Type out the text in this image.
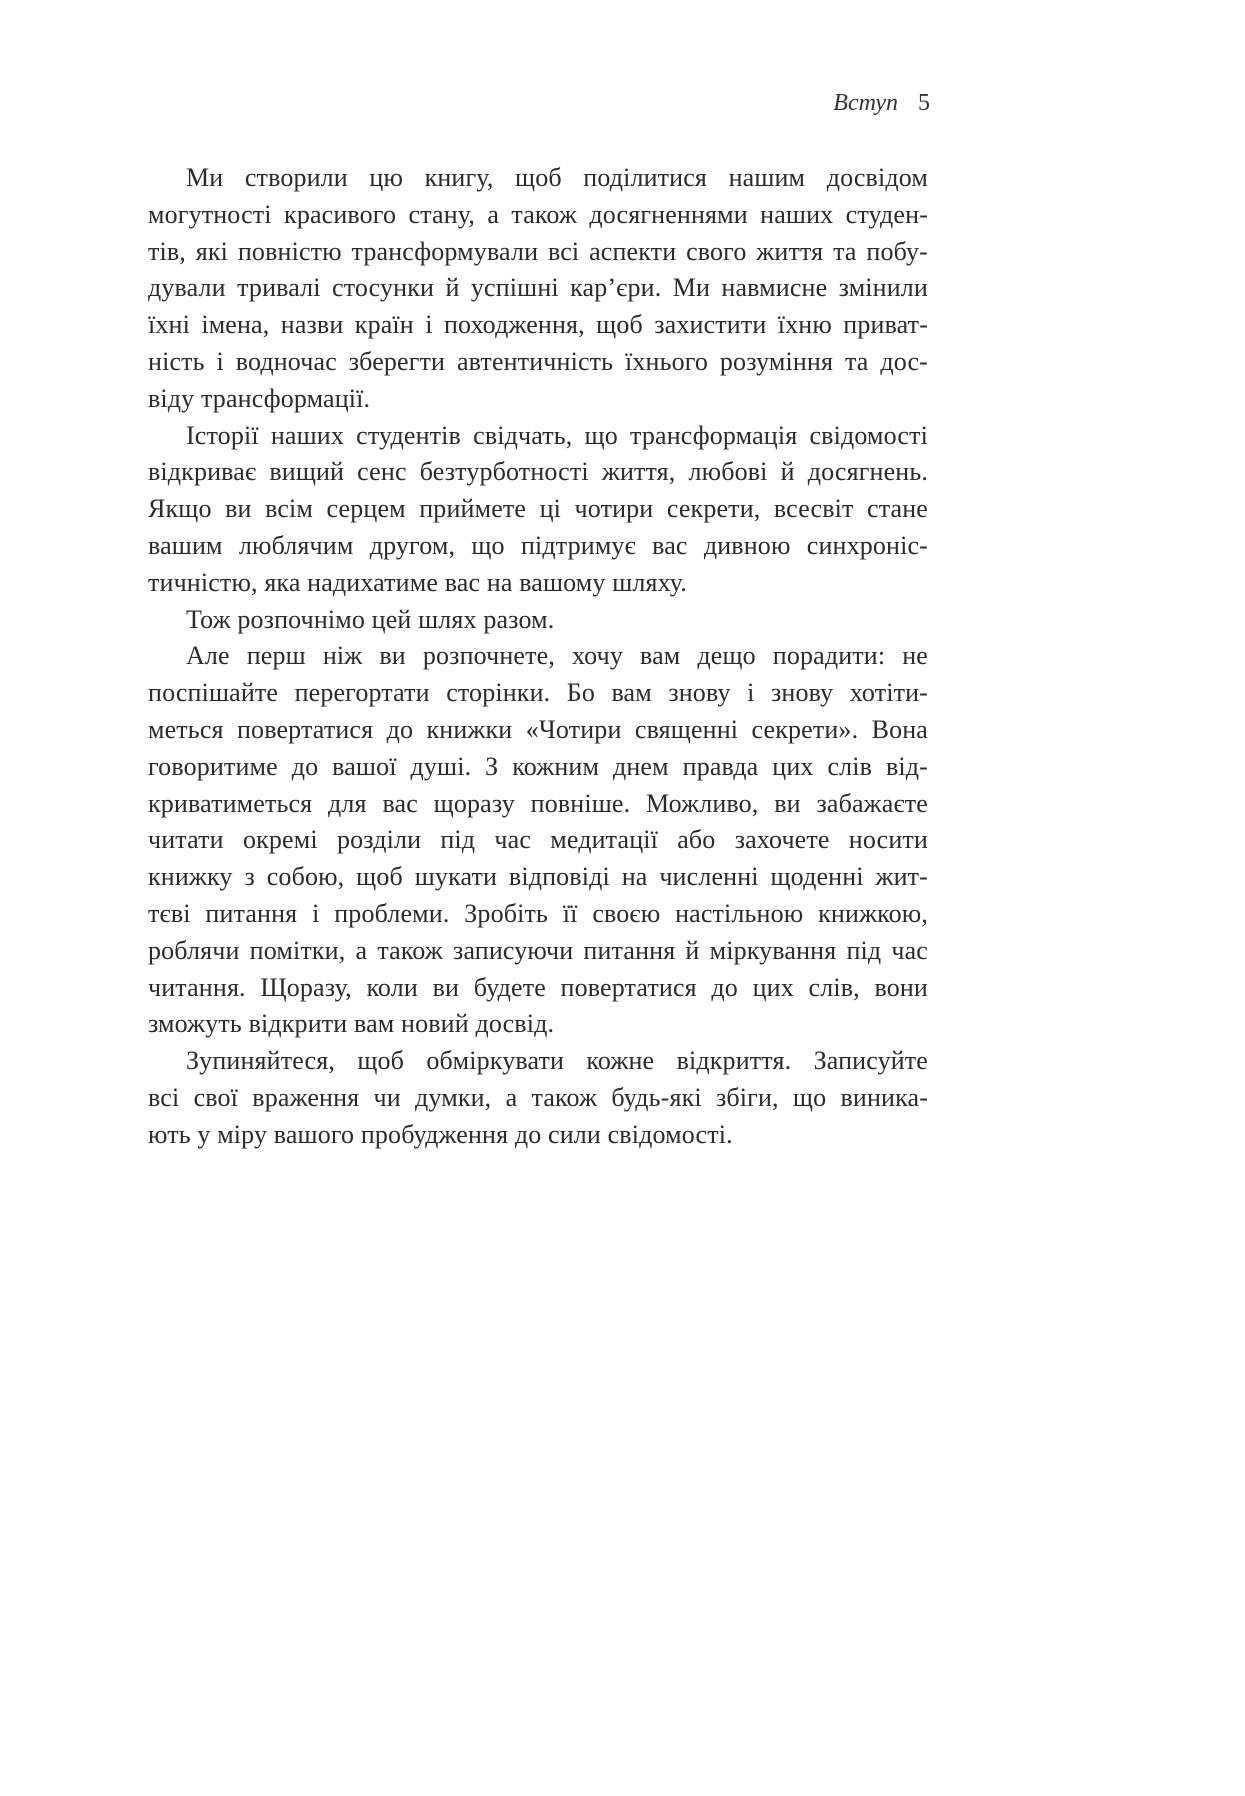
Вступ 5

Ми створили цю книгу, щоб поділитися нашим досвідом
могутності красивого стану, а також досягненнями наших студен-
тів, які повністю трансформували всі аспекти свого життя та побу-
дували тривалі стосунки й успішні кар’єри. Ми навмисне змінили
їхні імена, назви країн і походження, щоб захистити їхню приват-
ність і водночас зберегти автентичність їхнього розуміння та дос-
віду трансформації.

Історії наших студентів свідчать, що трансформація свідомості
відкриває вищий сенс безтурботності життя, любові й досягнень.
Якщо ви всім серцем приймете ці чотири секрети, всесвіт стане
вашим люблячим другом, що підтримує вас дивною синхроніс-
тичністю, яка надихатиме вас на вашому шляху.

Тож розпочнімо цей шлях разом.

Але перш ніж ви розпочнете, хочу вам дещо порадити: не
поспішайте перегортати сторінки. Бо вам знову і знову хотіти-
меться повертатися до книжки «Чотири священні секрети». Вона
говоритиме до вашої душі. З кожним днем правда цих слів від-
криватиметься для вас щоразу повніше. Можливо, ви забажаєте
читати окремі розділи під час медитації або захочете носити
книжку з собою, щоб шукати відповіді на численні щоденні жит-
тєві питання і проблеми. Зробіть її своєю настільною книжкою,
роблячи помітки, а також записуючи питання й міркування під час
читання. Щоразу, коли ви будете повертатися до цих слів, вони
зможуть відкрити вам новий досвід.

Зупиняйтеся, щоб обміркувати кожне відкриття. Записуйте
всі свої враження чи думки, а також будь-які збіги, що виника-
ють у міру вашого пробудження до сили свідомості.
